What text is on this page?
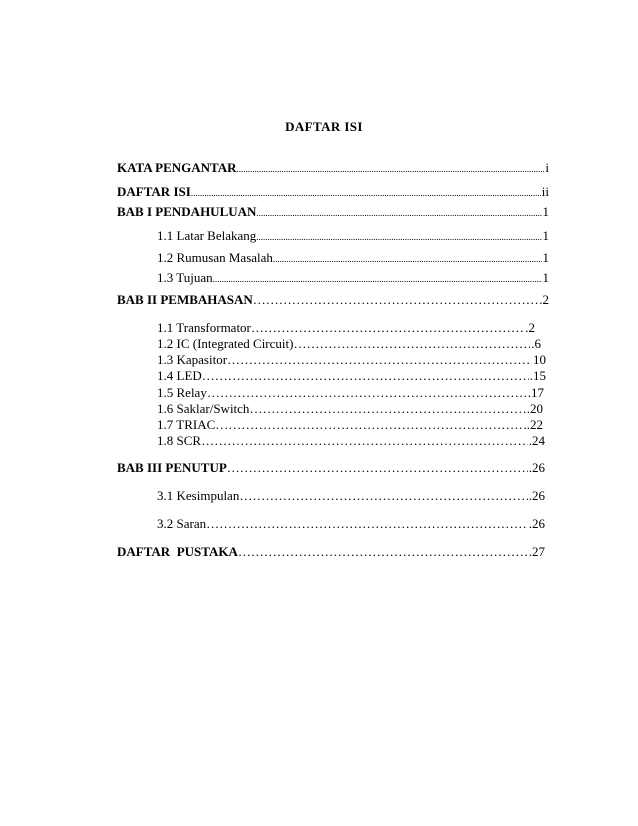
DAFTAR ISI
KATA PENGANTAR .....	i
DAFTAR ISI .....	ii
BAB I PENDAHULUAN .....	1
1.1 Latar Belakang .....	1
1.2 Rumusan Masalah .....	1
1.3 Tujuan .....	1
BAB II PEMBAHASAN ………………………………………………………………………………………………………………………………………………………………………………………………	.2
1.1 Transformator ………………………………………………………………………………………………………………………………………………………………………………………………	.2
1.2 IC (Integrated Circuit) ………………………………………………………………………………………………………………………………………………………………………………………………	.6
1.3 Kapasitor ………………………………………………………………………………………………………………………………………………………………………………………………	10
1.4 LED ………………………………………………………………………………………………………………………………………………………………………………………………	.15
1.5 Relay ………………………………………………………………………………………………………………………………………………………………………………………………	.17
1.6 Saklar/Switch ………………………………………………………………………………………………………………………………………………………………………………………………	.20
1.7 TRIAC ………………………………………………………………………………………………………………………………………………………………………………………………	.22
1.8 SCR ………………………………………………………………………………………………………………………………………………………………………………………………	.24
BAB III PENUTUP ………………………………………………………………………………………………………………………………………………………………………………………………	.26
3.1 Kesimpulan ………………………………………………………………………………………………………………………………………………………………………………………………	.26
3.2 Saran ………………………………………………………………………………………………………………………………………………………………………………………………	.26
DAFTAR  PUSTAKA ………………………………………………………………………………………………………………………………………………………………………………………………	.27
